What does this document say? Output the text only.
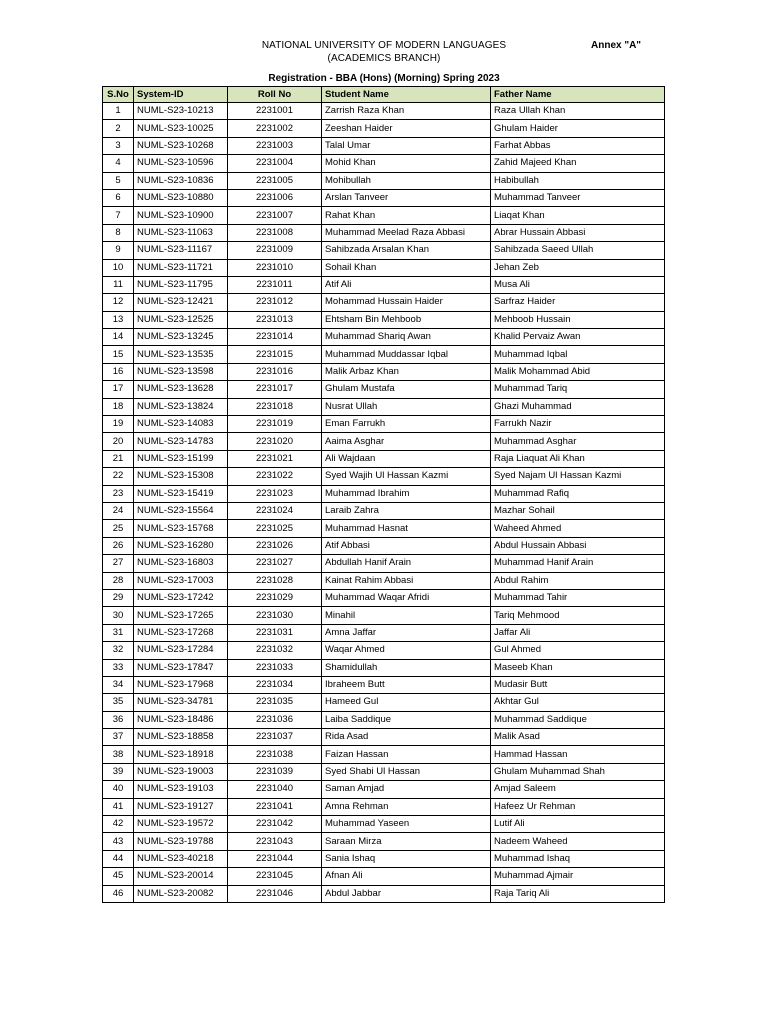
NATIONAL UNIVERSITY OF MODERN LANGUAGES
(ACADEMICS BRANCH)
Annex "A"
Registration - BBA (Hons) (Morning) Spring 2023
S.No	System-ID	Roll No	Student Name	Father Name
1	NUML-S23-10213	2231001	Zarrish Raza Khan	Raza Ullah Khan
2	NUML-S23-10025	2231002	Zeeshan Haider	Ghulam Haider
3	NUML-S23-10268	2231003	Talal Umar	Farhat Abbas
4	NUML-S23-10596	2231004	Mohid Khan	Zahid Majeed Khan
5	NUML-S23-10836	2231005	Mohibullah	Habibullah
6	NUML-S23-10880	2231006	Arslan Tanveer	Muhammad Tanveer
7	NUML-S23-10900	2231007	Rahat Khan	Liaqat Khan
8	NUML-S23-11063	2231008	Muhammad Meelad Raza Abbasi	Abrar Hussain Abbasi
9	NUML-S23-11167	2231009	Sahibzada Arsalan Khan	Sahibzada Saeed Ullah
10	NUML-S23-11721	2231010	Sohail Khan	Jehan Zeb
11	NUML-S23-11795	2231011	Atif Ali	Musa Ali
12	NUML-S23-12421	2231012	Mohammad Hussain Haider	Sarfraz Haider
13	NUML-S23-12525	2231013	Ehtsham Bin Mehboob	Mehboob Hussain
14	NUML-S23-13245	2231014	Muhammad Shariq Awan	Khalid Pervaiz Awan
15	NUML-S23-13535	2231015	Muhammad Muddassar Iqbal	Muhammad Iqbal
16	NUML-S23-13598	2231016	Malik Arbaz Khan	Malik Mohammad Abid
17	NUML-S23-13628	2231017	Ghulam Mustafa	Muhammad Tariq
18	NUML-S23-13824	2231018	Nusrat Ullah	Ghazi Muhammad
19	NUML-S23-14083	2231019	Eman Farrukh	Farrukh Nazir
20	NUML-S23-14783	2231020	Aaima Asghar	Muhammad Asghar
21	NUML-S23-15199	2231021	Ali Wajdaan	Raja Liaquat Ali Khan
22	NUML-S23-15308	2231022	Syed Wajih Ul Hassan Kazmi	Syed Najam Ul Hassan Kazmi
23	NUML-S23-15419	2231023	Muhammad Ibrahim	Muhammad Rafiq
24	NUML-S23-15564	2231024	Laraib Zahra	Mazhar Sohail
25	NUML-S23-15768	2231025	Muhammad Hasnat	Waheed Ahmed
26	NUML-S23-16280	2231026	Atif Abbasi	Abdul Hussain Abbasi
27	NUML-S23-16803	2231027	Abdullah Hanif Arain	Muhammad Hanif Arain
28	NUML-S23-17003	2231028	Kainat Rahim Abbasi	Abdul Rahim
29	NUML-S23-17242	2231029	Muhammad Waqar Afridi	Muhammad Tahir
30	NUML-S23-17265	2231030	Minahil	Tariq Mehmood
31	NUML-S23-17268	2231031	Amna Jaffar	Jaffar Ali
32	NUML-S23-17284	2231032	Waqar Ahmed	Gul Ahmed
33	NUML-S23-17847	2231033	Shamidullah	Maseeb Khan
34	NUML-S23-17968	2231034	Ibraheem Butt	Mudasir Butt
35	NUML-S23-34781	2231035	Hameed Gul	Akhtar Gul
36	NUML-S23-18486	2231036	Laiba Saddique	Muhammad Saddique
37	NUML-S23-18858	2231037	Rida Asad	Malik Asad
38	NUML-S23-18918	2231038	Faizan Hassan	Hammad Hassan
39	NUML-S23-19003	2231039	Syed Shabi Ul Hassan	Ghulam Muhammad Shah
40	NUML-S23-19103	2231040	Saman Amjad	Amjad Saleem
41	NUML-S23-19127	2231041	Amna Rehman	Hafeez Ur Rehman
42	NUML-S23-19572	2231042	Muhammad Yaseen	Lutif Ali
43	NUML-S23-19788	2231043	Saraan Mirza	Nadeem Waheed
44	NUML-S23-40218	2231044	Sania Ishaq	Muhammad Ishaq
45	NUML-S23-20014	2231045	Afnan Ali	Muhammad Ajmair
46	NUML-S23-20082	2231046	Abdul Jabbar	Raja Tariq Ali
